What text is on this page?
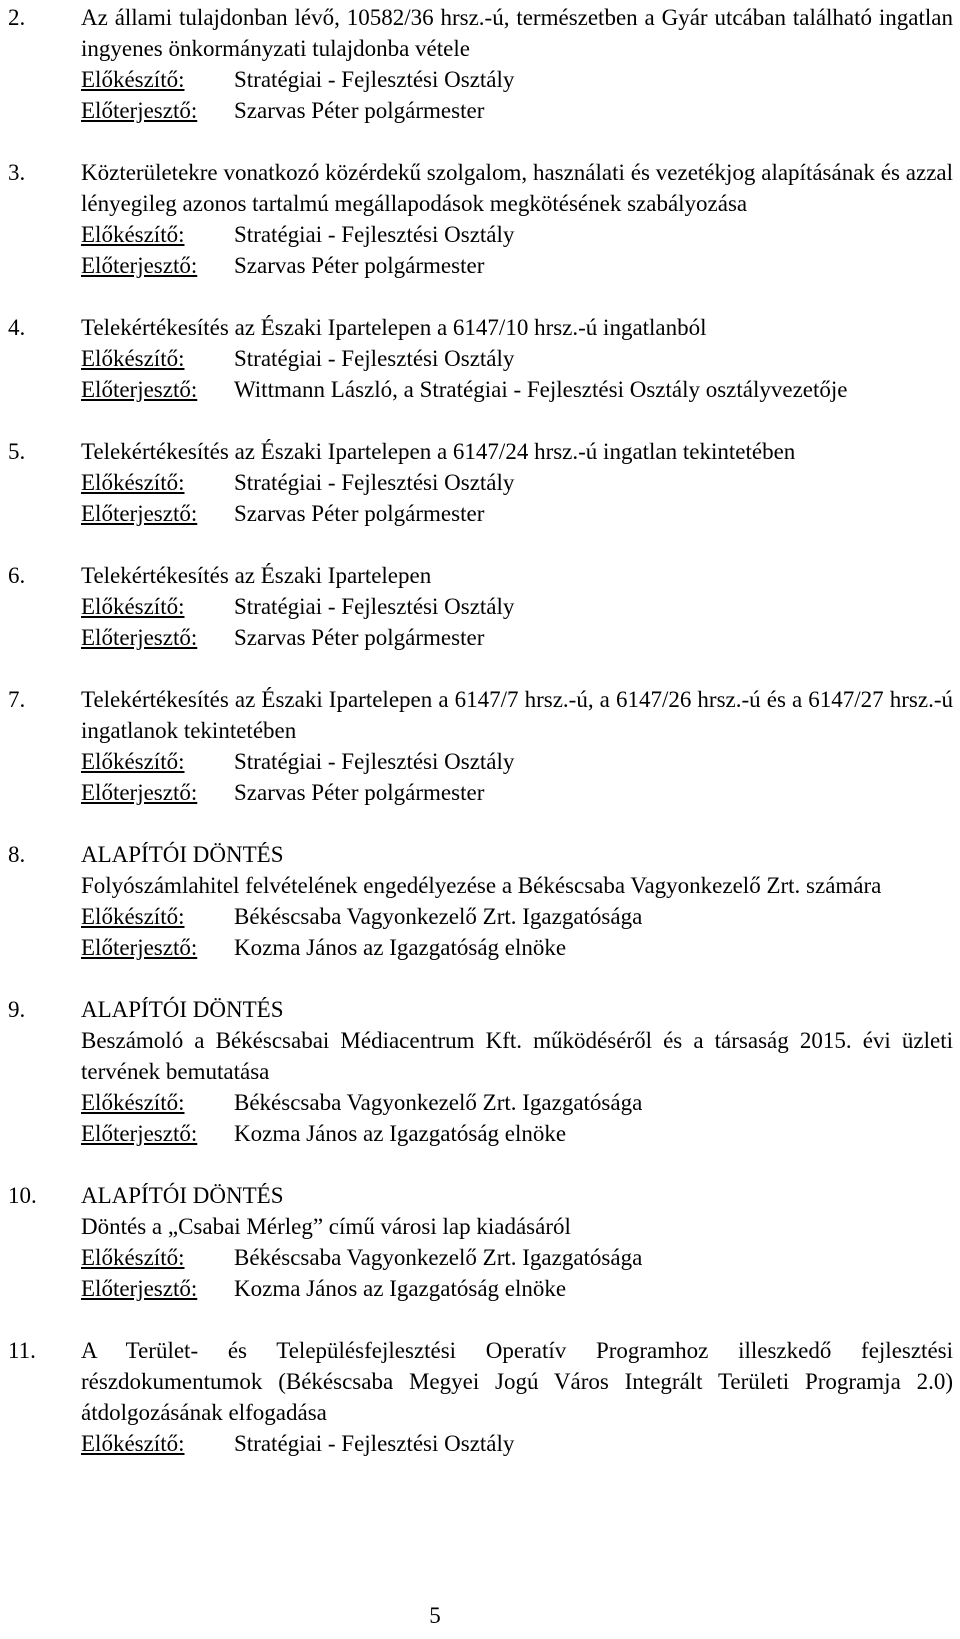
2. Az állami tulajdonban lévő, 10582/36 hrsz.-ú, természetben a Gyár utcában található ingatlan ingyenes önkormányzati tulajdonba vétele
Előkészítő:	Stratégiai - Fejlesztési Osztály
Előterjesztő:	Szarvas Péter polgármester
3. Közterületekre vonatkozó közérdekű szolgalom, használati és vezetékjog alapításának és azzal lényegileg azonos tartalmú megállapodások megkötésének szabályozása
Előkészítő:	Stratégiai - Fejlesztési Osztály
Előterjesztő:	Szarvas Péter polgármester
4. Telekértékesítés az Északi Ipartelepen a 6147/10 hrsz.-ú ingatlanból
Előkészítő:	Stratégiai - Fejlesztési Osztály
Előterjesztő:	Wittmann László, a Stratégiai - Fejlesztési Osztály osztályvezetője
5. Telekértékesítés az Északi Ipartelepen a 6147/24 hrsz.-ú ingatlan tekintetében
Előkészítő:	Stratégiai - Fejlesztési Osztály
Előterjesztő:	Szarvas Péter polgármester
6. Telekértékesítés az Északi Ipartelepen
Előkészítő:	Stratégiai - Fejlesztési Osztály
Előterjesztő:	Szarvas Péter polgármester
7. Telekértékesítés az Északi Ipartelepen a 6147/7 hrsz.-ú, a 6147/26 hrsz.-ú és a 6147/27 hrsz.-ú ingatlanok tekintetében
Előkészítő:	Stratégiai - Fejlesztési Osztály
Előterjesztő:	Szarvas Péter polgármester
8. ALAPÍTÓI DÖNTÉS
Folyószámlahitel felvételének engedélyezése a Békéscsaba Vagyonkezelő Zrt. számára
Előkészítő:	Békéscsaba Vagyonkezelő Zrt. Igazgatósága
Előterjesztő:	Kozma János az Igazgatóság elnöke
9. ALAPÍTÓI DÖNTÉS
Beszámoló a Békéscsabai Médiacentrum Kft. működéséről és a társaság 2015. évi üzleti tervének bemutatása
Előkészítő:	Békéscsaba Vagyonkezelő Zrt. Igazgatósága
Előterjesztő:	Kozma János az Igazgatóság elnöke
10. ALAPÍTÓI DÖNTÉS
Döntés a „Csabai Mérleg” című városi lap kiadásáról
Előkészítő:	Békéscsaba Vagyonkezelő Zrt. Igazgatósága
Előterjesztő:	Kozma János az Igazgatóság elnöke
11. A Terület- és Településfejlesztési Operatív Programhoz illeszkedő fejlesztési részdokumentumok (Békéscsaba Megyei Jogú Város Integrált Területi Programja 2.0) átdolgozásának elfogadása
Előkészítő:	Stratégiai - Fejlesztési Osztály
5
